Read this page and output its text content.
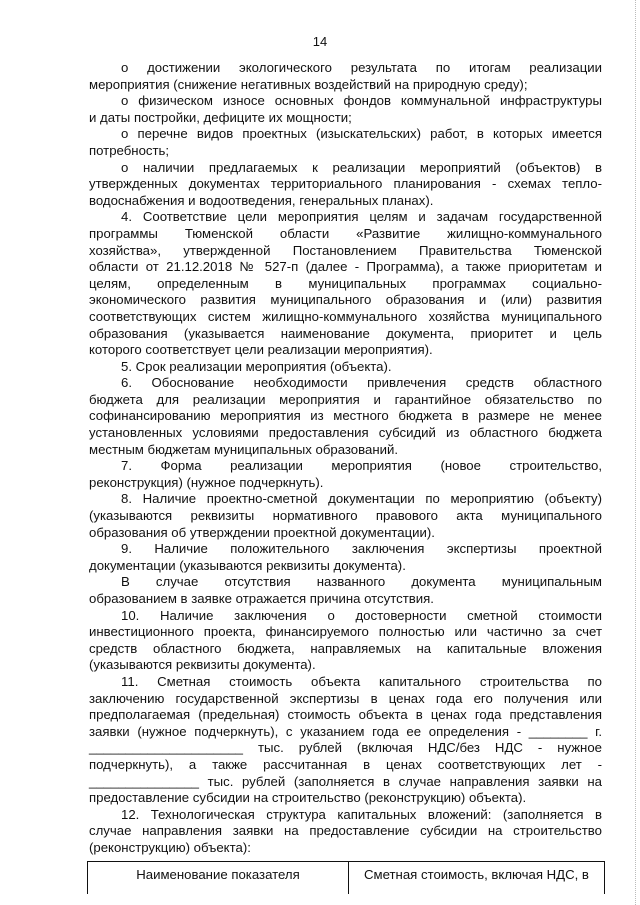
14

о достижении экологического результата по итогам реализации

мероприятия (снижение негативных воздействий на природную среду);

о физическом износе основных фондов коммунальной инфраструктуры

и даты постройки, дефиците их мощности;

о перечне видов проектных (изыскательских) работ, в которых имеется

потребность;

о наличии предлагаемых к реализации мероприятий (объектов) в

утвержденных документах территориального планирования - схемах тепло-

водоснабжения и водоотведения, генеральных планах).

4. Соответствие цели мероприятия целям и задачам государственной

программы Тюменской области «Развитие жилищно-коммунального

хозяйства», утвержденной Постановлением Правительства Тюменской

области от 21.12.2018 № 527-п (далее - Программа), а также приоритетам и

целям, определенным в муниципальных программах социально-

экономического развития муниципального образования и (или) развития

соответствующих систем жилищно-коммунального хозяйства муниципального

образования (указывается наименование документа, приоритет и цель

которого соответствует цели реализации мероприятия).

5. Срок реализации мероприятия (объекта).

6. Обоснование необходимости привлечения средств областного

бюджета для реализации мероприятия и гарантийное обязательство по

софинансированию мероприятия из местного бюджета в размере не менее

установленных условиями предоставления субсидий из областного бюджета

местным бюджетам муниципальных образований.

7. Форма реализации мероприятия (новое строительство,

реконструкция) (нужное подчеркнуть).

8. Наличие проектно-сметной документации по мероприятию (объекту)

(указываются реквизиты нормативного правового акта муниципального

образования об утверждении проектной документации).

9. Наличие положительного заключения экспертизы проектной

документации (указываются реквизиты документа).

В случае отсутствия названного документа муниципальным

образованием в заявке отражается причина отсутствия.

10. Наличие заключения о достоверности сметной стоимости

инвестиционного проекта, финансируемого полностью или частично за счет

средств областного бюджета, направляемых на капитальные вложения

(указываются реквизиты документа).

11. Сметная стоимость объекта капитального строительства по

заключению государственной экспертизы в ценах года его получения или

предполагаемая (предельная) стоимость объекта в ценах года представления

заявки (нужное подчеркнуть), с указанием года ее определения - ________ г.

_____________________ тыс. рублей (включая НДС/без НДС - нужное

подчеркнуть), а также рассчитанная в ценах соответствующих лет -

_______________ тыс. рублей (заполняется в случае направления заявки на

предоставление субсидии на строительство (реконструкцию) объекта).

12. Технологическая структура капитальных вложений: (заполняется в

случае направления заявки на предоставление субсидии на строительство

(реконструкцию) объекта):

Наименование показателя	Сметная стоимость, включая НДС, в
